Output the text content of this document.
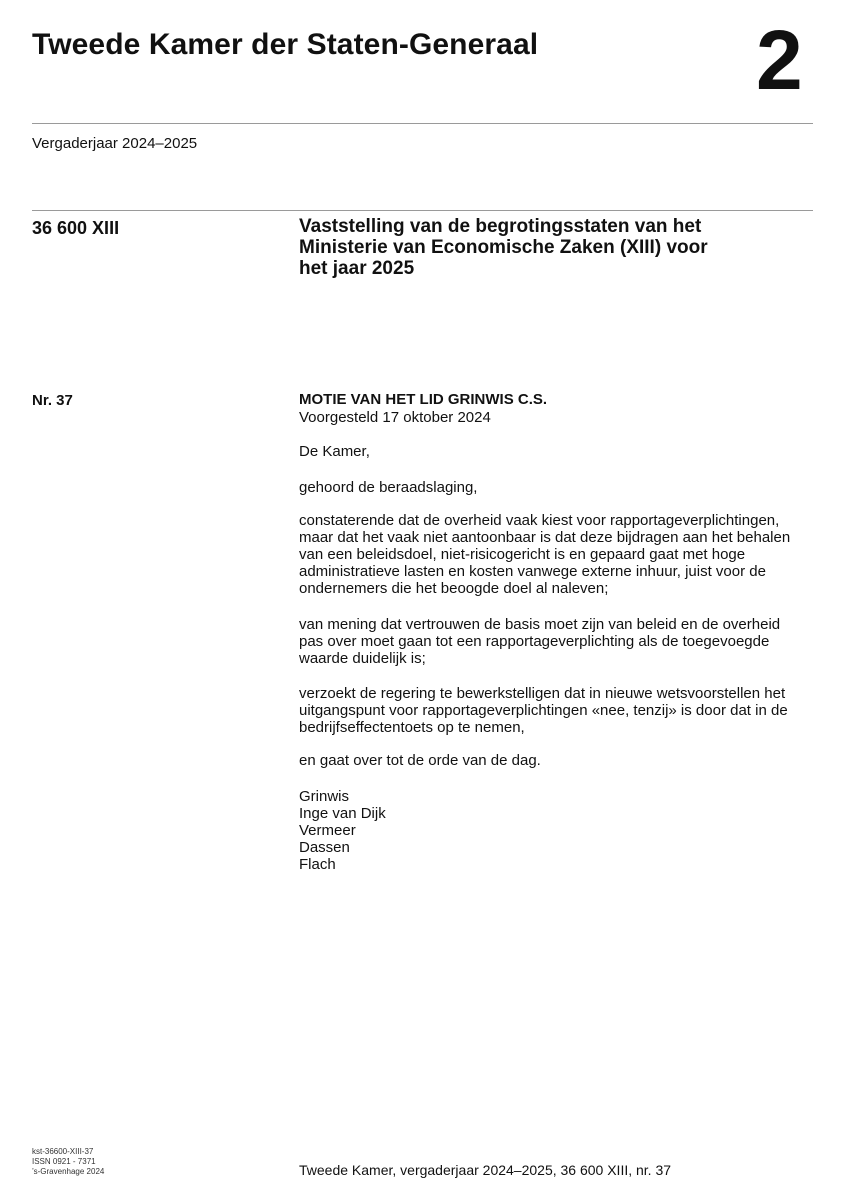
Tweede Kamer der Staten-Generaal	2
Vergaderjaar 2024–2025
36 600 XIII	Vaststelling van de begrotingsstaten van het
Ministerie van Economische Zaken (XIII) voor
het jaar 2025
Nr. 37	MOTIE VAN HET LID GRINWIS C.S.
Voorgesteld 17 oktober 2024
De Kamer,
gehoord de beraadslaging,
constaterende dat de overheid vaak kiest voor rapportageverplichtingen,
maar dat het vaak niet aantoonbaar is dat deze bijdragen aan het behalen
van een beleidsdoel, niet-risicogericht is en gepaard gaat met hoge
administratieve lasten en kosten vanwege externe inhuur, juist voor de
ondernemers die het beoogde doel al naleven;
van mening dat vertrouwen de basis moet zijn van beleid en de overheid
pas over moet gaan tot een rapportageverplichting als de toegevoegde
waarde duidelijk is;
verzoekt de regering te bewerkstelligen dat in nieuwe wetsvoorstellen het
uitgangspunt voor rapportageverplichtingen «nee, tenzij» is door dat in de
bedrijfseffectentoets op te nemen,
en gaat over tot de orde van de dag.
Grinwis
Inge van Dijk
Vermeer
Dassen
Flach
kst-36600-XIII-37
ISSN 0921 - 7371
’s-Gravenhage 2024	Tweede Kamer, vergaderjaar 2024–2025, 36 600 XIII, nr. 37
